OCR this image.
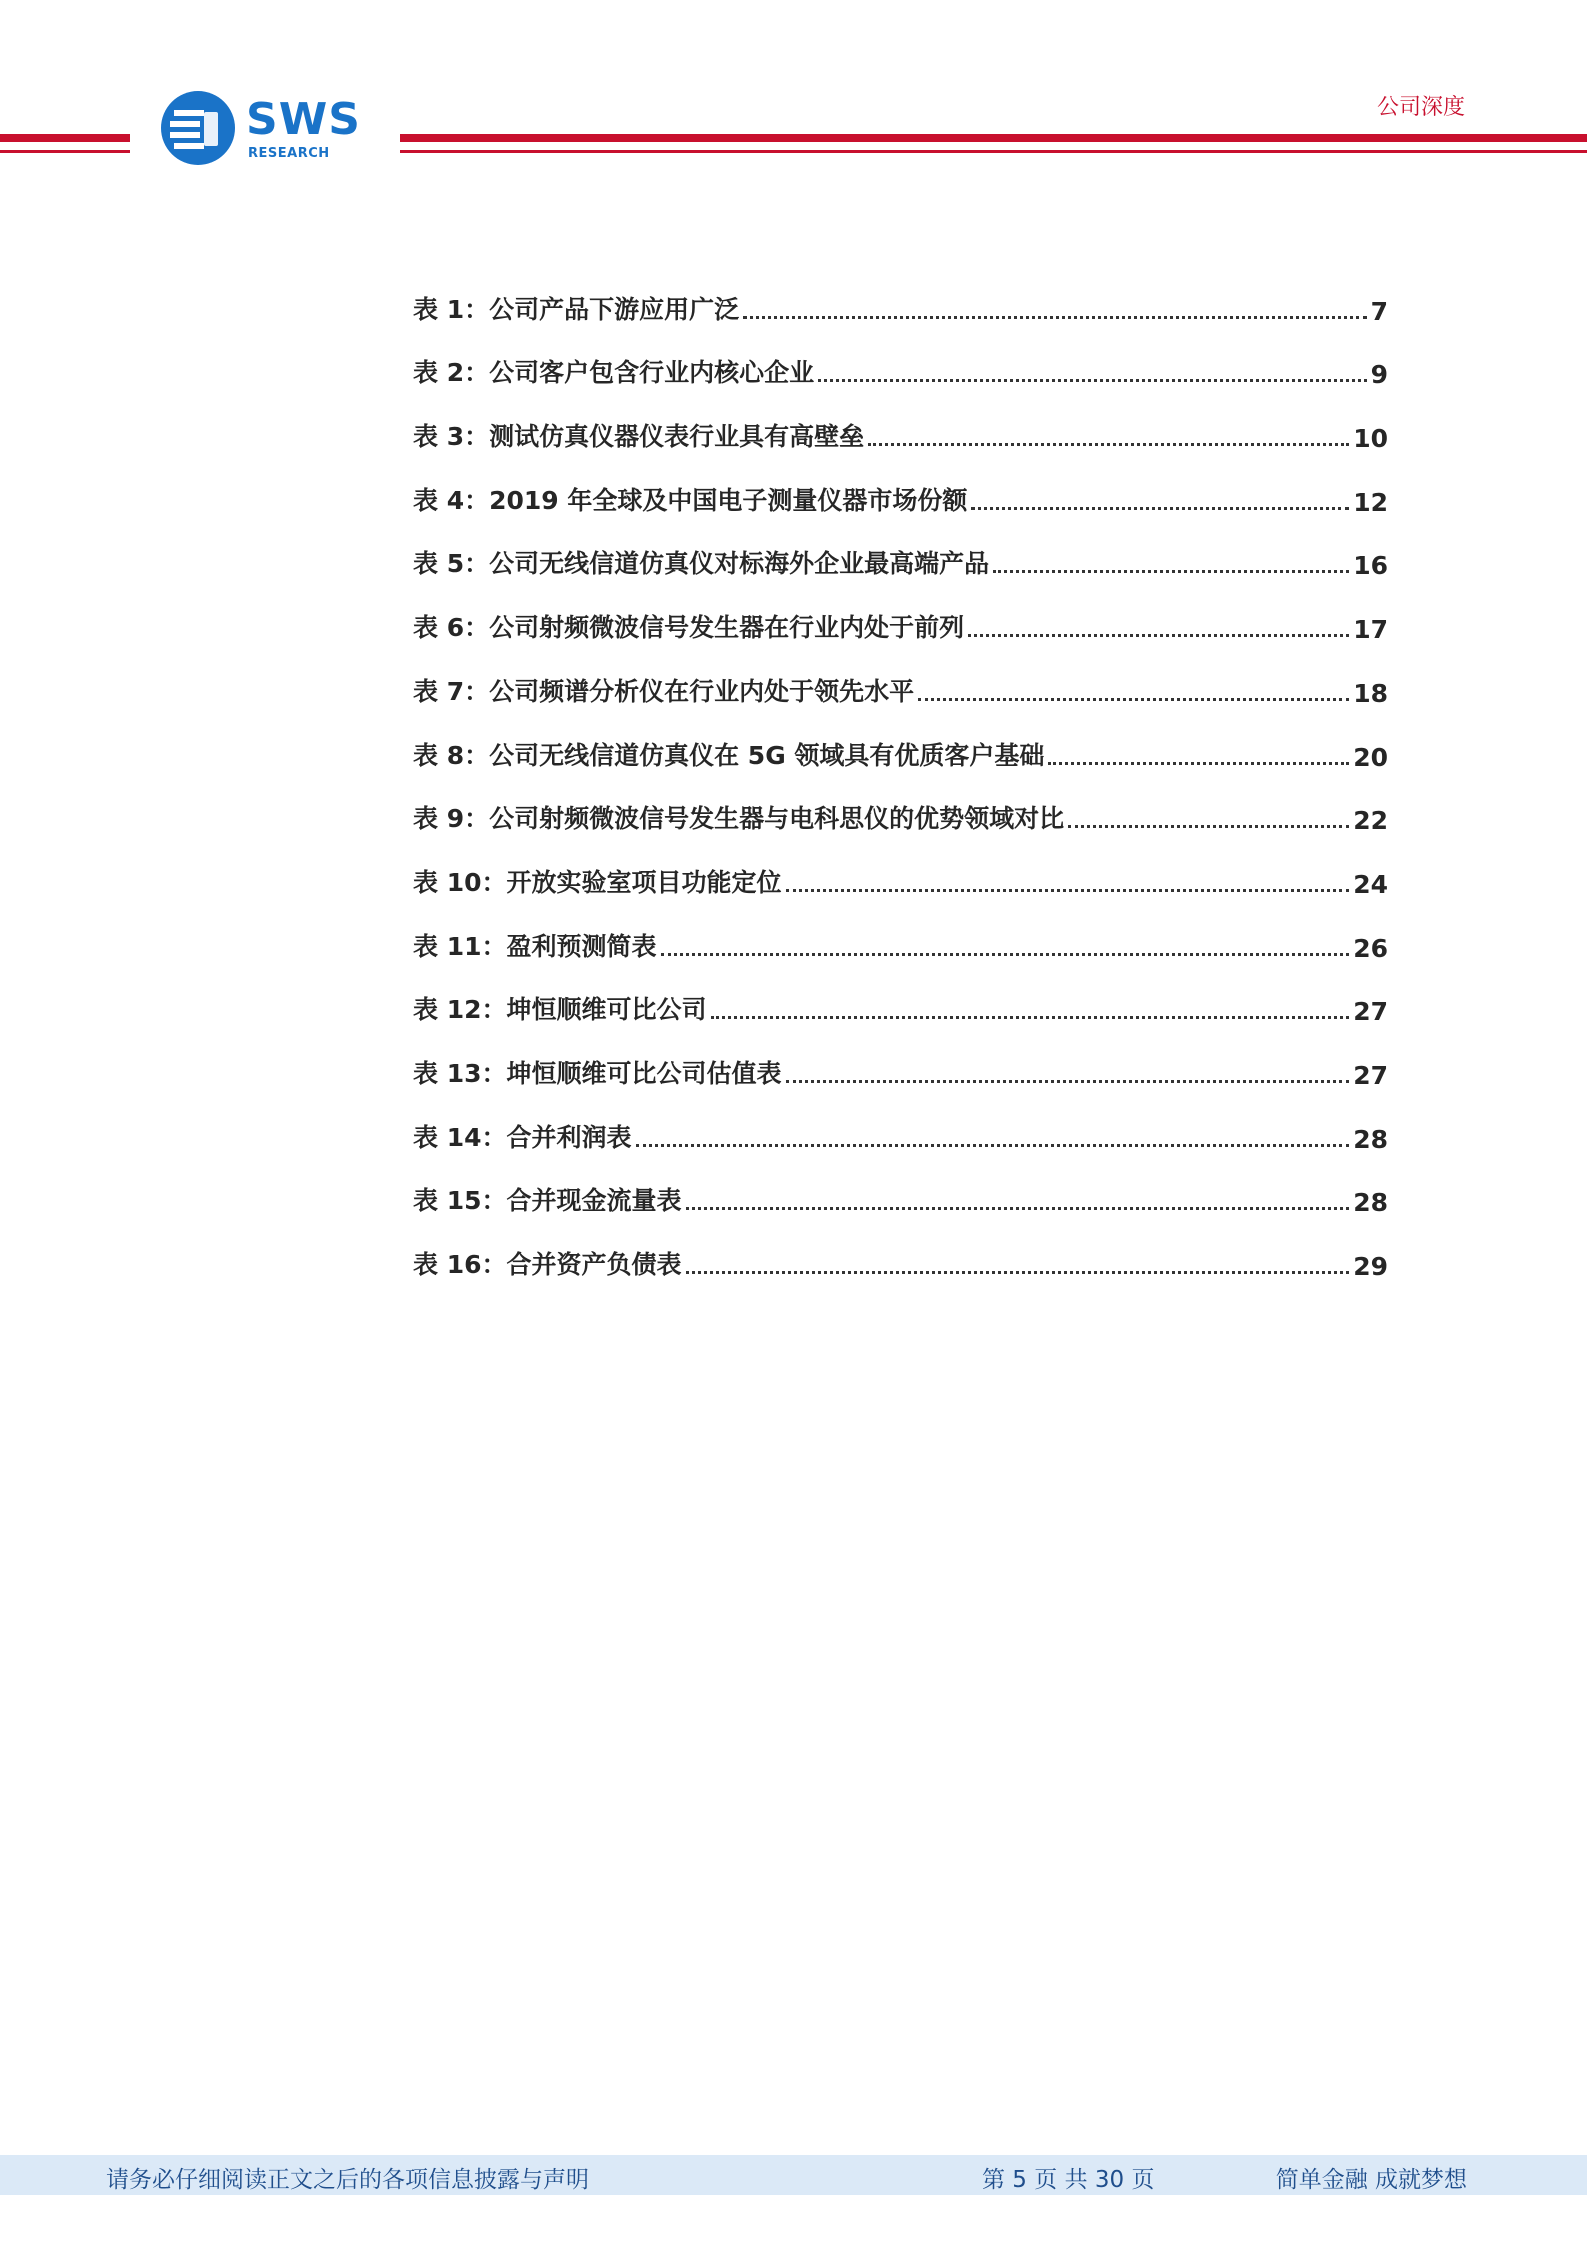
SWS
RESEARCH
公司深度
表 1：公司产品下游应用广泛	7
表 2：公司客户包含行业内核心企业	9
表 3：测试仿真仪器仪表行业具有高壁垒	10
表 4：2019 年全球及中国电子测量仪器市场份额	12
表 5：公司无线信道仿真仪对标海外企业最高端产品	16
表 6：公司射频微波信号发生器在行业内处于前列	17
表 7：公司频谱分析仪在行业内处于领先水平	18
表 8：公司无线信道仿真仪在 5G 领域具有优质客户基础	20
表 9：公司射频微波信号发生器与电科思仪的优势领域对比	22
表 10：开放实验室项目功能定位	24
表 11：盈利预测简表	26
表 12：坤恒顺维可比公司	27
表 13：坤恒顺维可比公司估值表	27
表 14：合并利润表	28
表 15：合并现金流量表	28
表 16：合并资产负债表	29
请务必仔细阅读正文之后的各项信息披露与声明	第 5 页 共 30 页	简单金融 成就梦想
